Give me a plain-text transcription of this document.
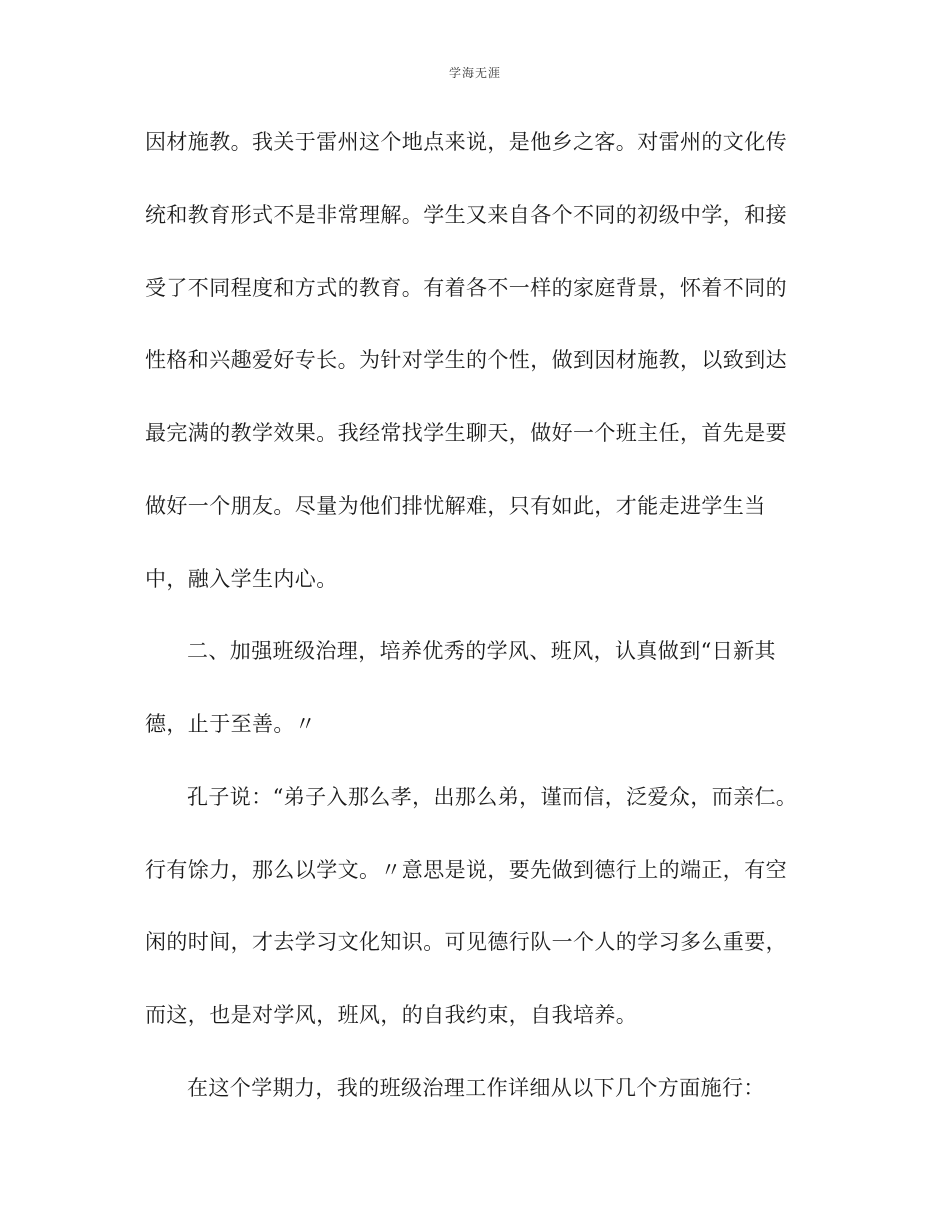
学海无涯
因材施教。我关于雷州这个地点来说，是他乡之客。对雷州的文化传
统和教育形式不是非常理解。学生又来自各个不同的初级中学，和接
受了不同程度和方式的教育。有着各不一样的家庭背景，怀着不同的
性格和兴趣爱好专长。为针对学生的个性，做到因材施教，以致到达
最完满的教学效果。我经常找学生聊天，做好一个班主任，首先是要
做好一个朋友。尽量为他们排忧解难，只有如此，才能走进学生当
中，融入学生内心。
二、加强班级治理，培养优秀的学风、班风，认真做到“日新其
德，止于至善。〃
孔子说：“弟子入那么孝，出那么弟，谨而信，泛爱众，而亲仁。
行有馀力，那么以学文。〃意思是说，要先做到德行上的端正，有空
闲的时间，才去学习文化知识。可见德行队一个人的学习多么重要，
而这，也是对学风，班风，的自我约束，自我培养。
在这个学期力，我的班级治理工作详细从以下几个方面施行：
